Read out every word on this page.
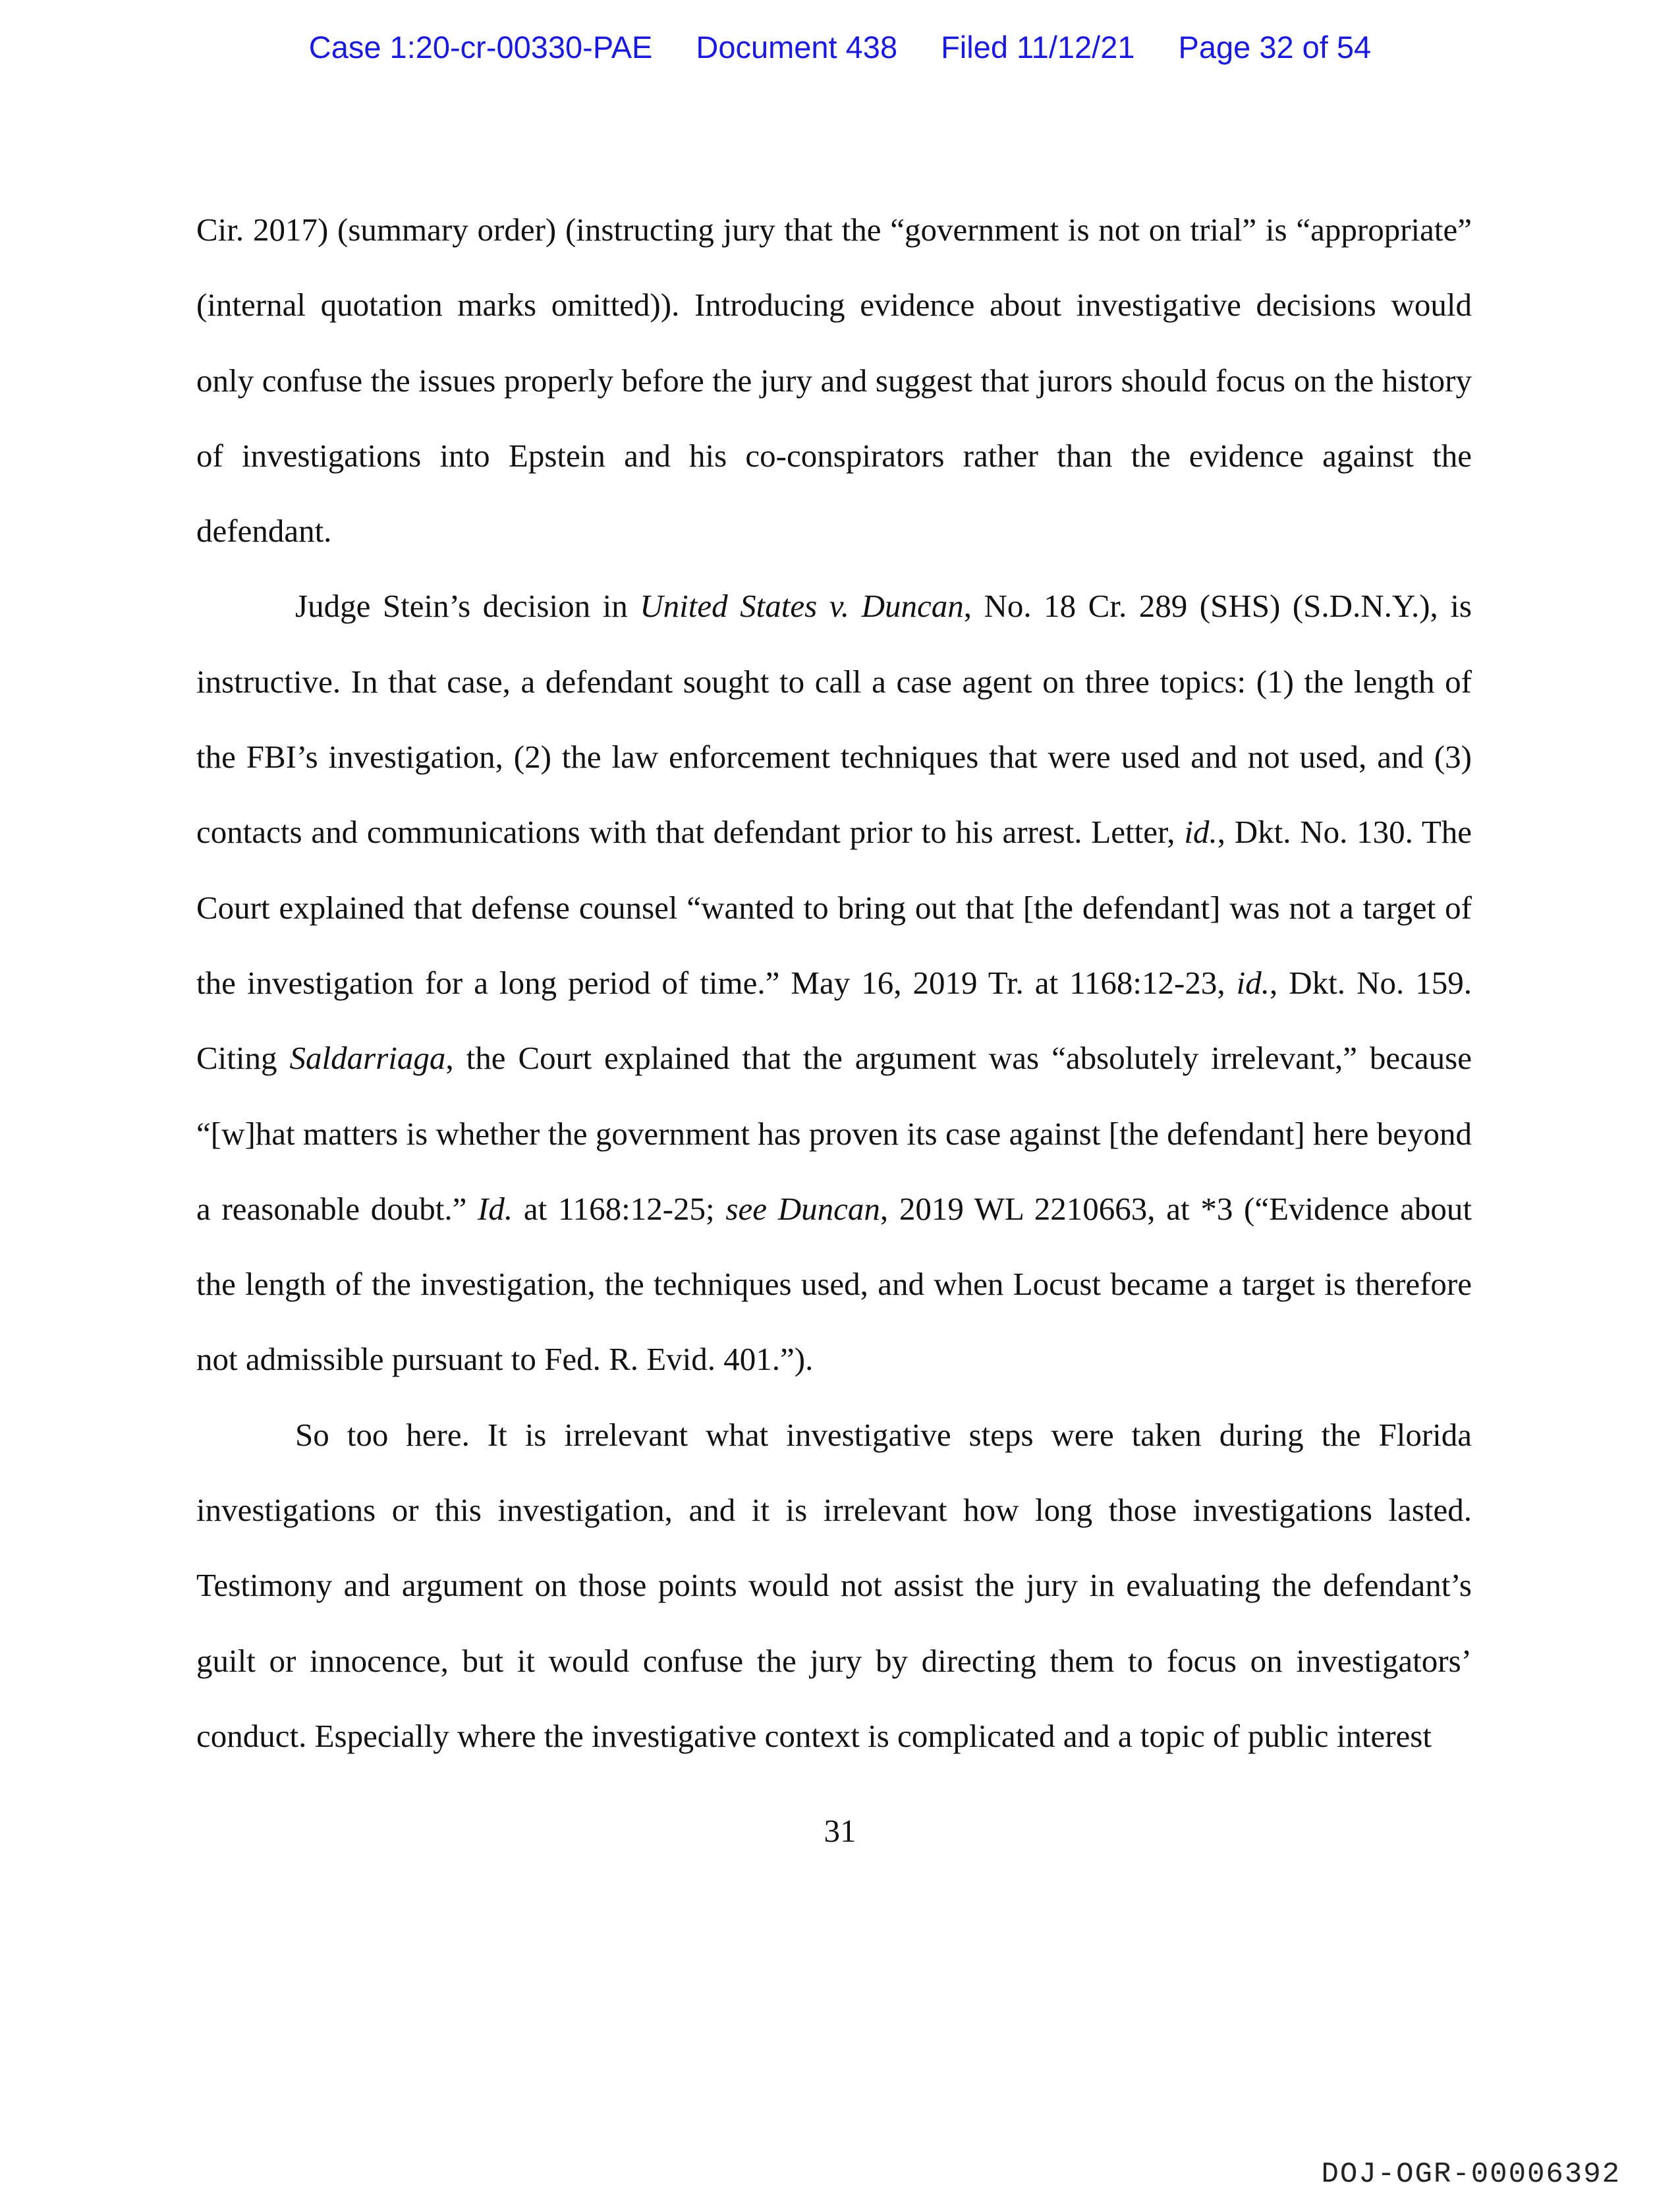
Case 1:20-cr-00330-PAE Document 438 Filed 11/12/21 Page 32 of 54

Cir. 2017) (summary order) (instructing jury that the “government is not on trial” is “appropriate” (internal quotation marks omitted)). Introducing evidence about investigative decisions would only confuse the issues properly before the jury and suggest that jurors should focus on the history of investigations into Epstein and his co-conspirators rather than the evidence against the defendant.

Judge Stein’s decision in United States v. Duncan, No. 18 Cr. 289 (SHS) (S.D.N.Y.), is instructive. In that case, a defendant sought to call a case agent on three topics: (1) the length of the FBI’s investigation, (2) the law enforcement techniques that were used and not used, and (3) contacts and communications with that defendant prior to his arrest. Letter, id., Dkt. No. 130. The Court explained that defense counsel “wanted to bring out that [the defendant] was not a target of the investigation for a long period of time.” May 16, 2019 Tr. at 1168:12-23, id., Dkt. No. 159. Citing Saldarriaga, the Court explained that the argument was “absolutely irrelevant,” because “[w]hat matters is whether the government has proven its case against [the defendant] here beyond a reasonable doubt.” Id. at 1168:12-25; see Duncan, 2019 WL 2210663, at *3 (“Evidence about the length of the investigation, the techniques used, and when Locust became a target is therefore not admissible pursuant to Fed. R. Evid. 401.”).

So too here. It is irrelevant what investigative steps were taken during the Florida investigations or this investigation, and it is irrelevant how long those investigations lasted. Testimony and argument on those points would not assist the jury in evaluating the defendant’s guilt or innocence, but it would confuse the jury by directing them to focus on investigators’ conduct. Especially where the investigative context is complicated and a topic of public interest

31
DOJ-OGR-00006392
